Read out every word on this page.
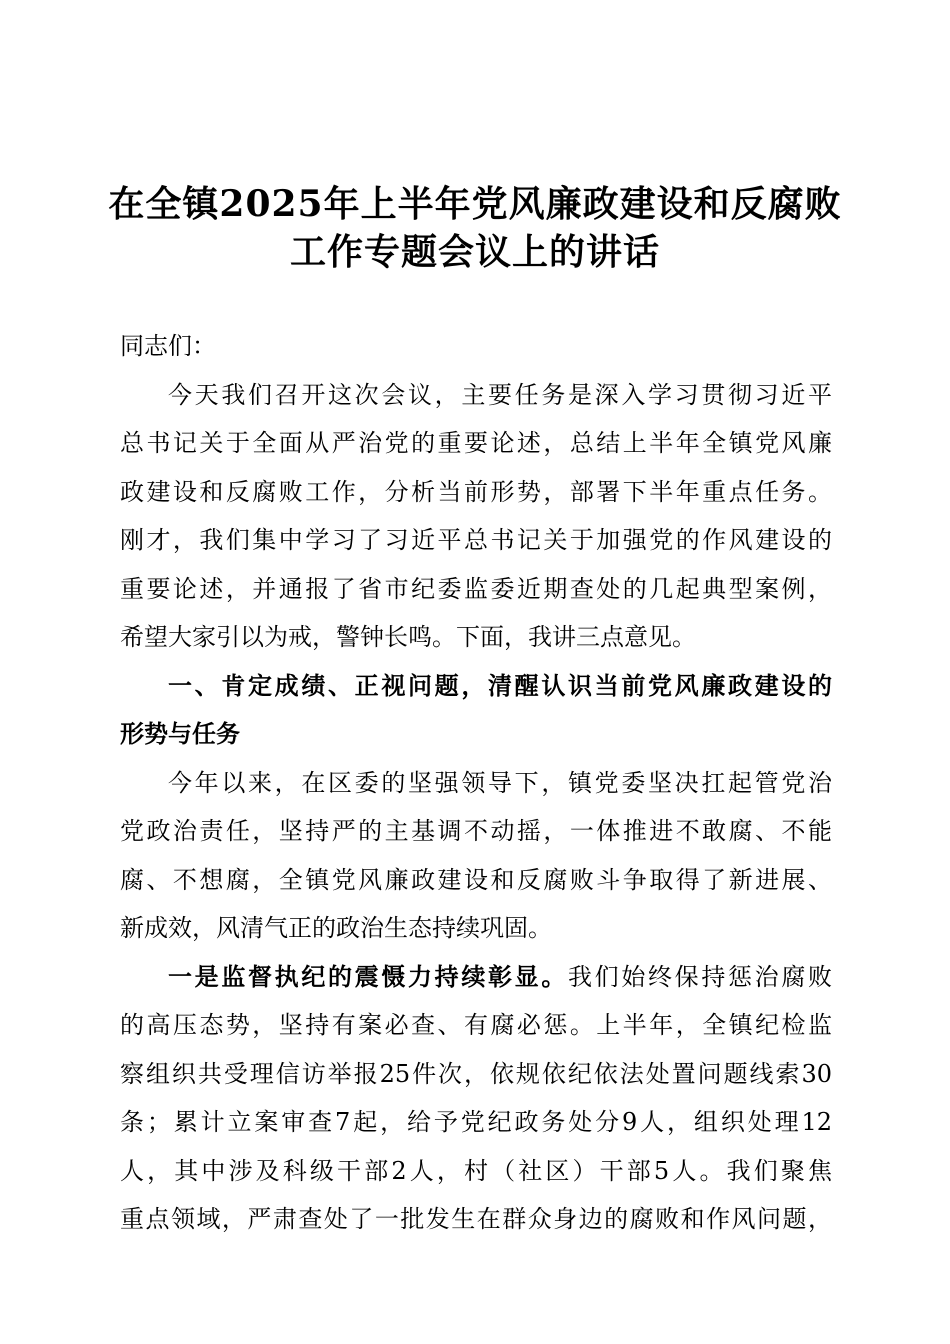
在全镇2025年上半年党风廉政建设和反腐败
工作专题会议上的讲话
同志们：
今天我们召开这次会议，主要任务是深入学习贯彻习近平
总书记关于全面从严治党的重要论述，总结上半年全镇党风廉
政建设和反腐败工作，分析当前形势，部署下半年重点任务。
刚才，我们集中学习了习近平总书记关于加强党的作风建设的
重要论述，并通报了省市纪委监委近期查处的几起典型案例，
希望大家引以为戒，警钟长鸣。下面，我讲三点意见。
一、肯定成绩、正视问题，清醒认识当前党风廉政建设的
形势与任务
今年以来，在区委的坚强领导下，镇党委坚决扛起管党治
党政治责任，坚持严的主基调不动摇，一体推进不敢腐、不能
腐、不想腐，全镇党风廉政建设和反腐败斗争取得了新进展、
新成效，风清气正的政治生态持续巩固。
一是监督执纪的震慑力持续彰显。我们始终保持惩治腐败
的高压态势，坚持有案必查、有腐必惩。上半年，全镇纪检监
察组织共受理信访举报25件次，依规依纪依法处置问题线索30
条；累计立案审查7起，给予党纪政务处分9人，组织处理12
人，其中涉及科级干部2人，村（社区）干部5人。我们聚焦
重点领域，严肃查处了一批发生在群众身边的腐败和作风问题，
